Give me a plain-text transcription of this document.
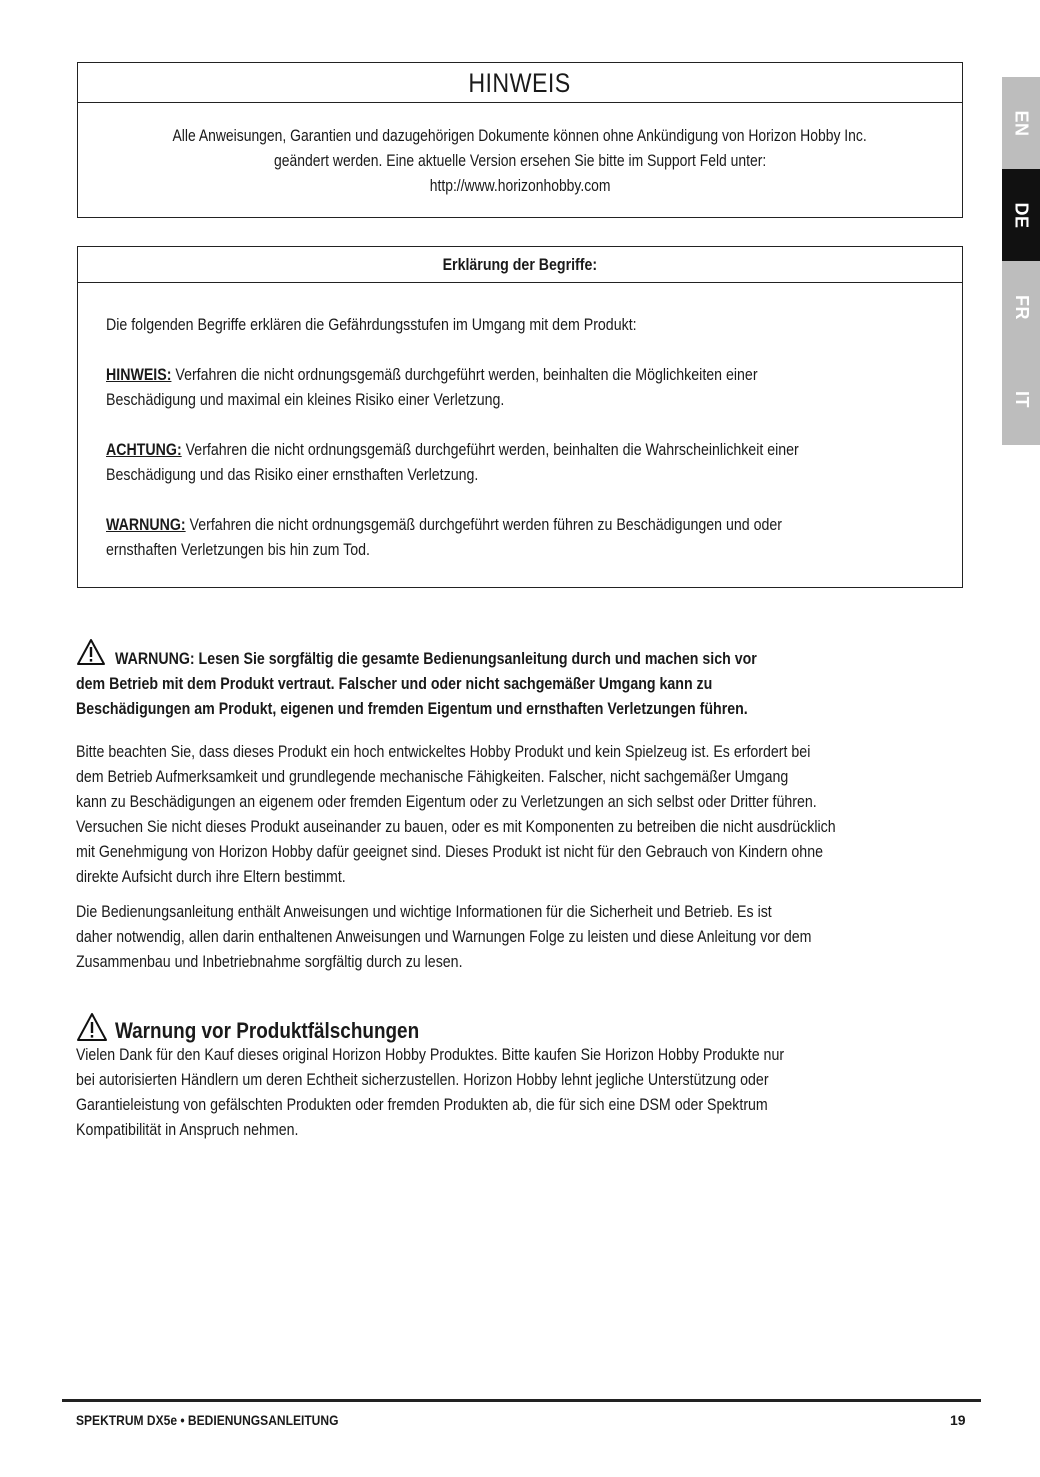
HINWEIS
Alle Anweisungen, Garantien und dazugehörigen Dokumente können ohne Ankündigung von Horizon Hobby Inc.
geändert werden. Eine aktuelle Version ersehen Sie bitte im Support Feld unter:
http://www.horizonhobby.com
Erklärung der Begriffe:
Die folgenden Begriffe erklären die Gefährdungsstufen im Umgang mit dem Produkt:
HINWEIS: Verfahren die nicht ordnungsgemäß durchgeführt werden, beinhalten die Möglichkeiten einer
Beschädigung und maximal ein kleines Risiko einer Verletzung.
ACHTUNG: Verfahren die nicht ordnungsgemäß durchgeführt werden, beinhalten die Wahrscheinlichkeit einer
Beschädigung und das Risiko einer ernsthaften Verletzung.
WARNUNG: Verfahren die nicht ordnungsgemäß durchgeführt werden führen zu Beschädigungen und oder
ernsthaften Verletzungen bis hin zum Tod.
WARNUNG: Lesen Sie sorgfältig die gesamte Bedienungsanleitung durch und machen sich vor
dem Betrieb mit dem Produkt vertraut. Falscher und oder nicht sachgemäßer Umgang kann zu
Beschädigungen am Produkt, eigenen und fremden Eigentum und ernsthaften Verletzungen führen.
Bitte beachten Sie, dass dieses Produkt ein hoch entwickeltes Hobby Produkt und kein Spielzeug ist. Es erfordert bei
dem Betrieb Aufmerksamkeit und grundlegende mechanische Fähigkeiten. Falscher, nicht sachgemäßer Umgang
kann zu Beschädigungen an eigenem oder fremden Eigentum oder zu Verletzungen an sich selbst oder Dritter führen.
Versuchen Sie nicht dieses Produkt auseinander zu bauen, oder es mit Komponenten zu betreiben die nicht ausdrücklich
mit Genehmigung von Horizon Hobby dafür geeignet sind. Dieses Produkt ist nicht für den Gebrauch von Kindern ohne
direkte Aufsicht durch ihre Eltern bestimmt.
Die Bedienungsanleitung enthält Anweisungen und wichtige Informationen für die Sicherheit und Betrieb. Es ist
daher notwendig, allen darin enthaltenen Anweisungen und Warnungen Folge zu leisten und diese Anleitung vor dem
Zusammenbau und Inbetriebnahme sorgfältig durch zu lesen.
Warnung vor Produktfälschungen
Vielen Dank für den Kauf dieses original Horizon Hobby Produktes. Bitte kaufen Sie Horizon Hobby Produkte nur
bei autorisierten Händlern um deren Echtheit sicherzustellen. Horizon Hobby lehnt jegliche Unterstützung oder
Garantieleistung von gefälschten Produkten oder fremden Produkten ab, die für sich eine DSM oder Spektrum
Kompatibilität in Anspruch nehmen.
EN
DE
FR
IT
SPEKTRUM DX5e • BEDIENUNGSANLEITUNG	19
